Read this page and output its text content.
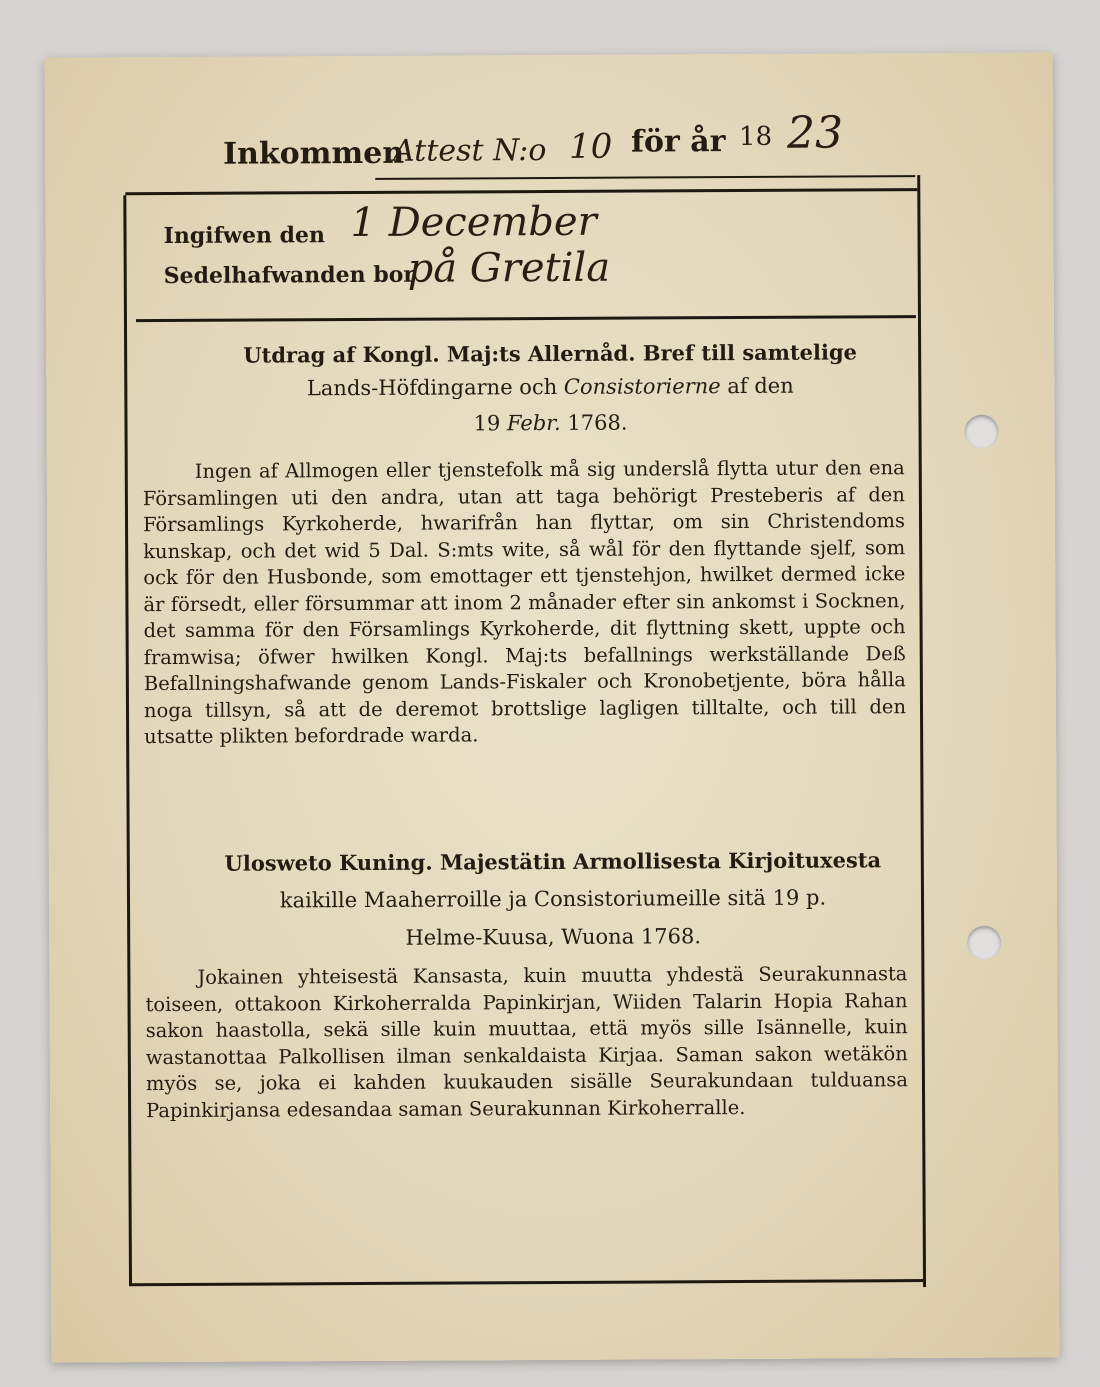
Inkommen
Attest N:o 10 för år 18 23
Ingifwen den 1 December
Sedelhafwanden bor
på Gretila
Utdrag af Kongl. Maj:ts Allernåd. Bref till samtelige
Lands-Höfdingarne och Consistorierne af den
19 Febr. 1768.
Ingen af Allmogen eller tjenstefolk må sig underslå flytta utur den ena Församlingen uti den andra, utan att taga behörigt Presteberis af den Församlings Kyrkoherde, hwarifrån han flyttar, om sin Christendoms kunskap, och det wid 5 Dal. S:mts wite, så wål för den flyttande sjelf, som ock för den Husbonde, som emottager ett tjenstehjon, hwilket dermed icke är försedt, eller försummar att inom 2 månader efter sin ankomst i Socknen, det samma för den Församlings Kyrkoherde, dit flyttning skett, uppte och framwisa; öfwer hwilken Kongl. Maj:ts befallnings werkställande Deß Befallningshafwande genom Lands-Fiskaler och Kronobetjente, böra hålla noga tillsyn, så att de deremot brottslige lagligen tilltalte, och till den utsatte plikten befordrade warda.
Ulosweto Kuning. Majestätin Armollisesta Kirjoituxesta
kaikille Maaherroille ja Consistoriumeille sitä 19 p.
Helme-Kuusa, Wuona 1768.
Jokainen yhteisestä Kansasta, kuin muutta yhdestä Seurakunnasta toiseen, ottakoon Kirkoherralda Papinkirjan, Wiiden Talarin Hopia Rahan sakon haastolla, sekä sille kuin muuttaa, että myös sille Isännelle, kuin wastanottaa Palkollisen ilman senkaldaista Kirjaa. Saman sakon wetäkön myös se, joka ei kahden kuukauden sisälle Seurakundaan tulduansa Papinkirjansa edesandaa saman Seurakunnan Kirkoherralle.
